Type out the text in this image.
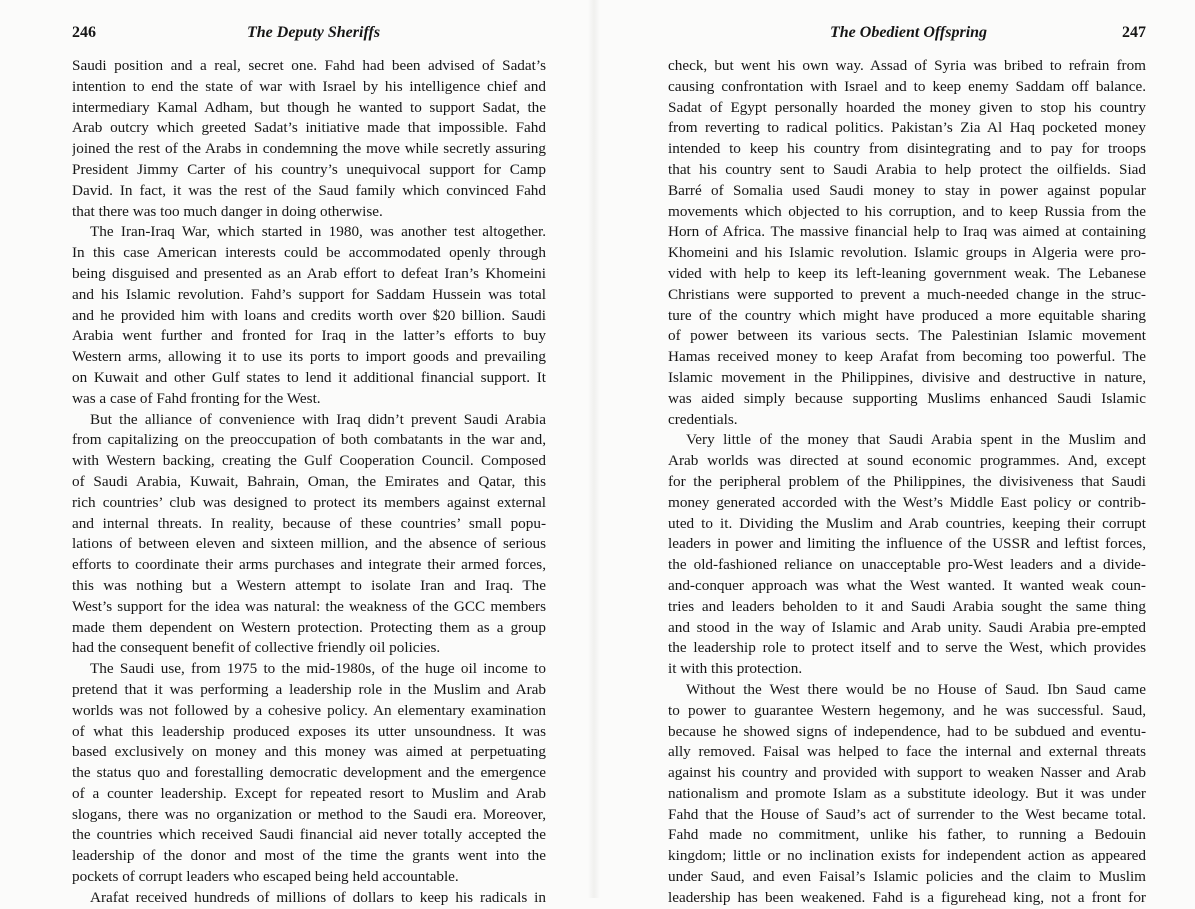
246	The Deputy Sheriffs
Saudi position and a real, secret one. Fahd had been advised of Sadat’s
intention to end the state of war with Israel by his intelligence chief and
intermediary Kamal Adham, but though he wanted to support Sadat, the
Arab outcry which greeted Sadat’s initiative made that impossible. Fahd
joined the rest of the Arabs in condemning the move while secretly assuring
President Jimmy Carter of his country’s unequivocal support for Camp
David. In fact, it was the rest of the Saud family which convinced Fahd
that there was too much danger in doing otherwise.
The Iran-Iraq War, which started in 1980, was another test altogether.
In this case American interests could be accommodated openly through
being disguised and presented as an Arab effort to defeat Iran’s Khomeini
and his Islamic revolution. Fahd’s support for Saddam Hussein was total
and he provided him with loans and credits worth over $20 billion. Saudi
Arabia went further and fronted for Iraq in the latter’s efforts to buy
Western arms, allowing it to use its ports to import goods and prevailing
on Kuwait and other Gulf states to lend it additional financial support. It
was a case of Fahd fronting for the West.
But the alliance of convenience with Iraq didn’t prevent Saudi Arabia
from capitalizing on the preoccupation of both combatants in the war and,
with Western backing, creating the Gulf Cooperation Council. Composed
of Saudi Arabia, Kuwait, Bahrain, Oman, the Emirates and Qatar, this
rich countries’ club was designed to protect its members against external
and internal threats. In reality, because of these countries’ small popu-
lations of between eleven and sixteen million, and the absence of serious
efforts to coordinate their arms purchases and integrate their armed forces,
this was nothing but a Western attempt to isolate Iran and Iraq. The
West’s support for the idea was natural: the weakness of the GCC members
made them dependent on Western protection. Protecting them as a group
had the consequent benefit of collective friendly oil policies.
The Saudi use, from 1975 to the mid-1980s, of the huge oil income to
pretend that it was performing a leadership role in the Muslim and Arab
worlds was not followed by a cohesive policy. An elementary examination
of what this leadership produced exposes its utter unsoundness. It was
based exclusively on money and this money was aimed at perpetuating
the status quo and forestalling democratic development and the emergence
of a counter leadership. Except for repeated resort to Muslim and Arab
slogans, there was no organization or method to the Saudi era. Moreover,
the countries which received Saudi financial aid never totally accepted the
leadership of the donor and most of the time the grants went into the
pockets of corrupt leaders who escaped being held accountable.
Arafat received hundreds of millions of dollars to keep his radicals in
The Obedient Offspring	247
check, but went his own way. Assad of Syria was bribed to refrain from
causing confrontation with Israel and to keep enemy Saddam off balance.
Sadat of Egypt personally hoarded the money given to stop his country
from reverting to radical politics. Pakistan’s Zia Al Haq pocketed money
intended to keep his country from disintegrating and to pay for troops
that his country sent to Saudi Arabia to help protect the oilfields. Siad
Barré of Somalia used Saudi money to stay in power against popular
movements which objected to his corruption, and to keep Russia from the
Horn of Africa. The massive financial help to Iraq was aimed at containing
Khomeini and his Islamic revolution. Islamic groups in Algeria were pro-
vided with help to keep its left-leaning government weak. The Lebanese
Christians were supported to prevent a much-needed change in the struc-
ture of the country which might have produced a more equitable sharing
of power between its various sects. The Palestinian Islamic movement
Hamas received money to keep Arafat from becoming too powerful. The
Islamic movement in the Philippines, divisive and destructive in nature,
was aided simply because supporting Muslims enhanced Saudi Islamic
credentials.
Very little of the money that Saudi Arabia spent in the Muslim and
Arab worlds was directed at sound economic programmes. And, except
for the peripheral problem of the Philippines, the divisiveness that Saudi
money generated accorded with the West’s Middle East policy or contrib-
uted to it. Dividing the Muslim and Arab countries, keeping their corrupt
leaders in power and limiting the influence of the USSR and leftist forces,
the old-fashioned reliance on unacceptable pro-West leaders and a divide-
and-conquer approach was what the West wanted. It wanted weak coun-
tries and leaders beholden to it and Saudi Arabia sought the same thing
and stood in the way of Islamic and Arab unity. Saudi Arabia pre-empted
the leadership role to protect itself and to serve the West, which provides
it with this protection.
Without the West there would be no House of Saud. Ibn Saud came
to power to guarantee Western hegemony, and he was successful. Saud,
because he showed signs of independence, had to be subdued and eventu-
ally removed. Faisal was helped to face the internal and external threats
against his country and provided with support to weaken Nasser and Arab
nationalism and promote Islam as a substitute ideology. But it was under
Fahd that the House of Saud’s act of surrender to the West became total.
Fahd made no commitment, unlike his father, to running a Bedouin
kingdom; little or no inclination exists for independent action as appeared
under Saud, and even Faisal’s Islamic policies and the claim to Muslim
leadership has been weakened. Fahd is a figurehead king, not a front for
